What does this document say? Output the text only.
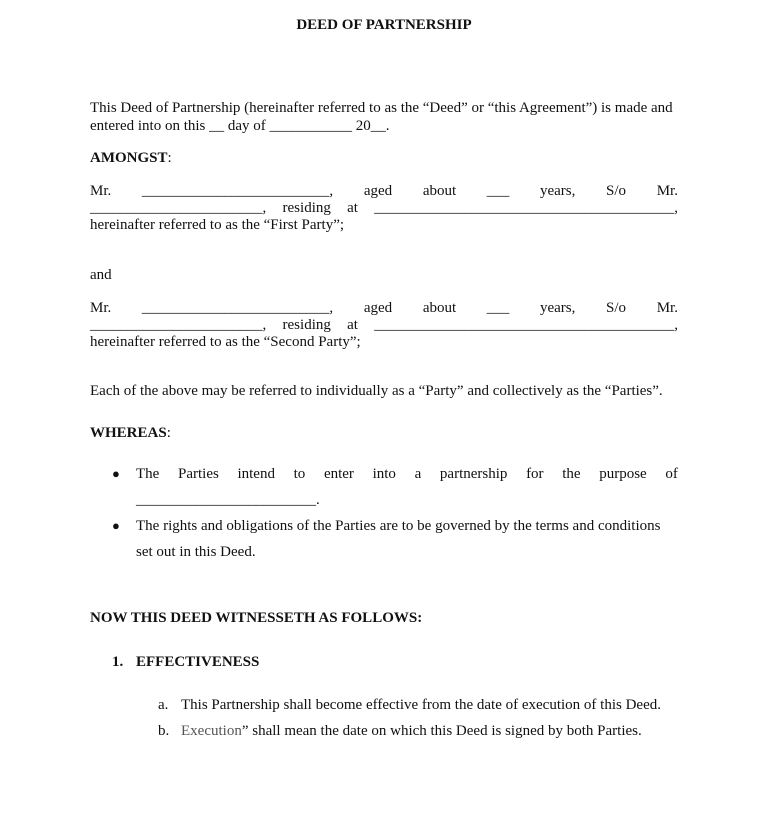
DEED OF PARTNERSHIP
This Deed of Partnership (hereinafter referred to as the “Deed” or “this Agreement”) is made and
entered into on this __ day of ___________ 20__.
AMONGST:
Mr. _________________________, aged about ___ years, S/o Mr.
_______________________, residing at ________________________________________,
hereinafter referred to as the “First Party”;
and
Mr. _________________________, aged about ___ years, S/o Mr.
_______________________, residing at ________________________________________,
hereinafter referred to as the “Second Party”;
Each of the above may be referred to individually as a “Party” and collectively as the “Parties”.
WHEREAS:
● The Parties intend to enter into a partnership for the purpose of
________________________.
● The rights and obligations of the Parties are to be governed by the terms and conditions
set out in this Deed.
NOW THIS DEED WITNESSETH AS FOLLOWS:
1. EFFECTIVENESS
a. This Partnership shall become effective from the date of execution of this Deed.
b. Execution” shall mean the date on which this Deed is signed by both Parties.
